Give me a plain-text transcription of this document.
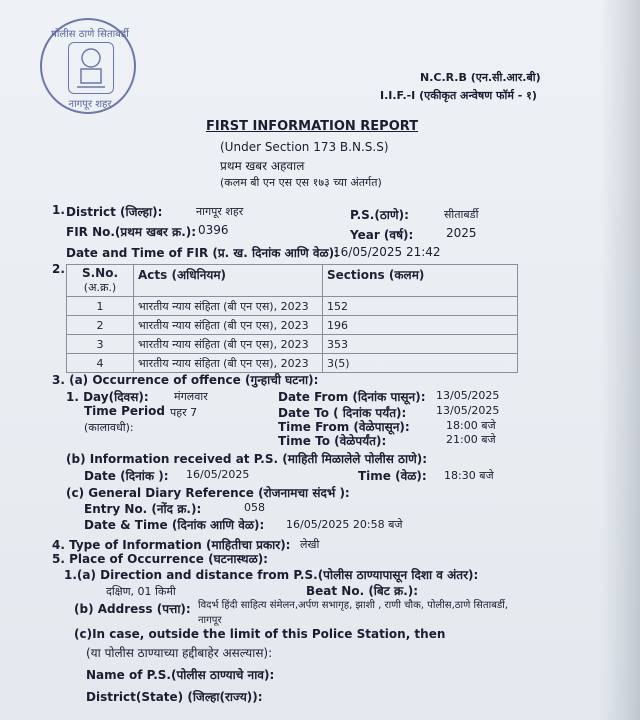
पोलीस ठाणे सिताबर्डी
नागपूर शहर
N.C.R.B (एन.सी.आर.बी)
I.I.F.-I (एकीकृत अन्वेषण फॉर्म - १)
FIRST INFORMATION REPORT
(Under Section 173 B.N.S.S)
प्रथम खबर अहवाल
(कलम बी एन एस एस १७३ च्या अंतर्गत)
1. District (जिल्हा):	नागपूर शहर	P.S.(ठाणे):	सीताबर्डी
FIR No.(प्रथम खबर क्र.): 0396	Year (वर्ष):	2025
Date and Time of FIR (प्र. ख. दिनांक आणि वेळ):
16/05/2025 21:42
2. S.No.
(अ.क्र.)	Acts (अधिनियम)	Sections (कलम)
1	भारतीय न्याय संहिता (बी एन एस), 2023	152
2	भारतीय न्याय संहिता (बी एन एस), 2023	196
3	भारतीय न्याय संहिता (बी एन एस), 2023	353
4	भारतीय न्याय संहिता (बी एन एस), 2023	3(5)
3. (a) Occurrence of offence (गुन्हाची घटना):
1. Day(दिवस): मंगलवार	Date From (दिनांक पासून): 13/05/2025
Time Period पहर 7
(कालावधी):
Date To ( दिनांक पर्यंत):	13/05/2025
Time From (वेळेपासून):	18:00 बजे
Time To (वेळेपर्यंत):	21:00 बजे
(b) Information received at P.S. (माहिती मिळालेले पोलीस ठाणे):
Date (दिनांक ): 16/05/2025	Time (वेळ): 18:30 बजे
(c) General Diary Reference (रोजनामचा संदर्भ ):
Entry No. (नोंद क्र.):	058
Date & Time (दिनांक आणि वेळ): 16/05/2025 20:58 बजे
4. Type of Information (माहितीचा प्रकार): लेखी
5. Place of Occurrence (घटनास्थळ):
1.(a) Direction and distance from P.S.(पोलीस ठाण्यापासून दिशा व अंतर):
दक्षिण, 01 किमी	Beat No. (बिट क्र.):
(b) Address (पत्ता): विदर्भ हिंदी साहित्य संमेलन,अर्पण सभागृह, झाशी , राणी चौक, पोलीस,ठाणे सिताबर्डी,
नागपूर
(c)In case, outside the limit of this Police Station, then
(या पोलीस ठाण्याच्या हद्दीबाहेर असल्यास):
Name of P.S.(पोलीस ठाण्याचे नाव):
District(State) (जिल्हा(राज्य)):
